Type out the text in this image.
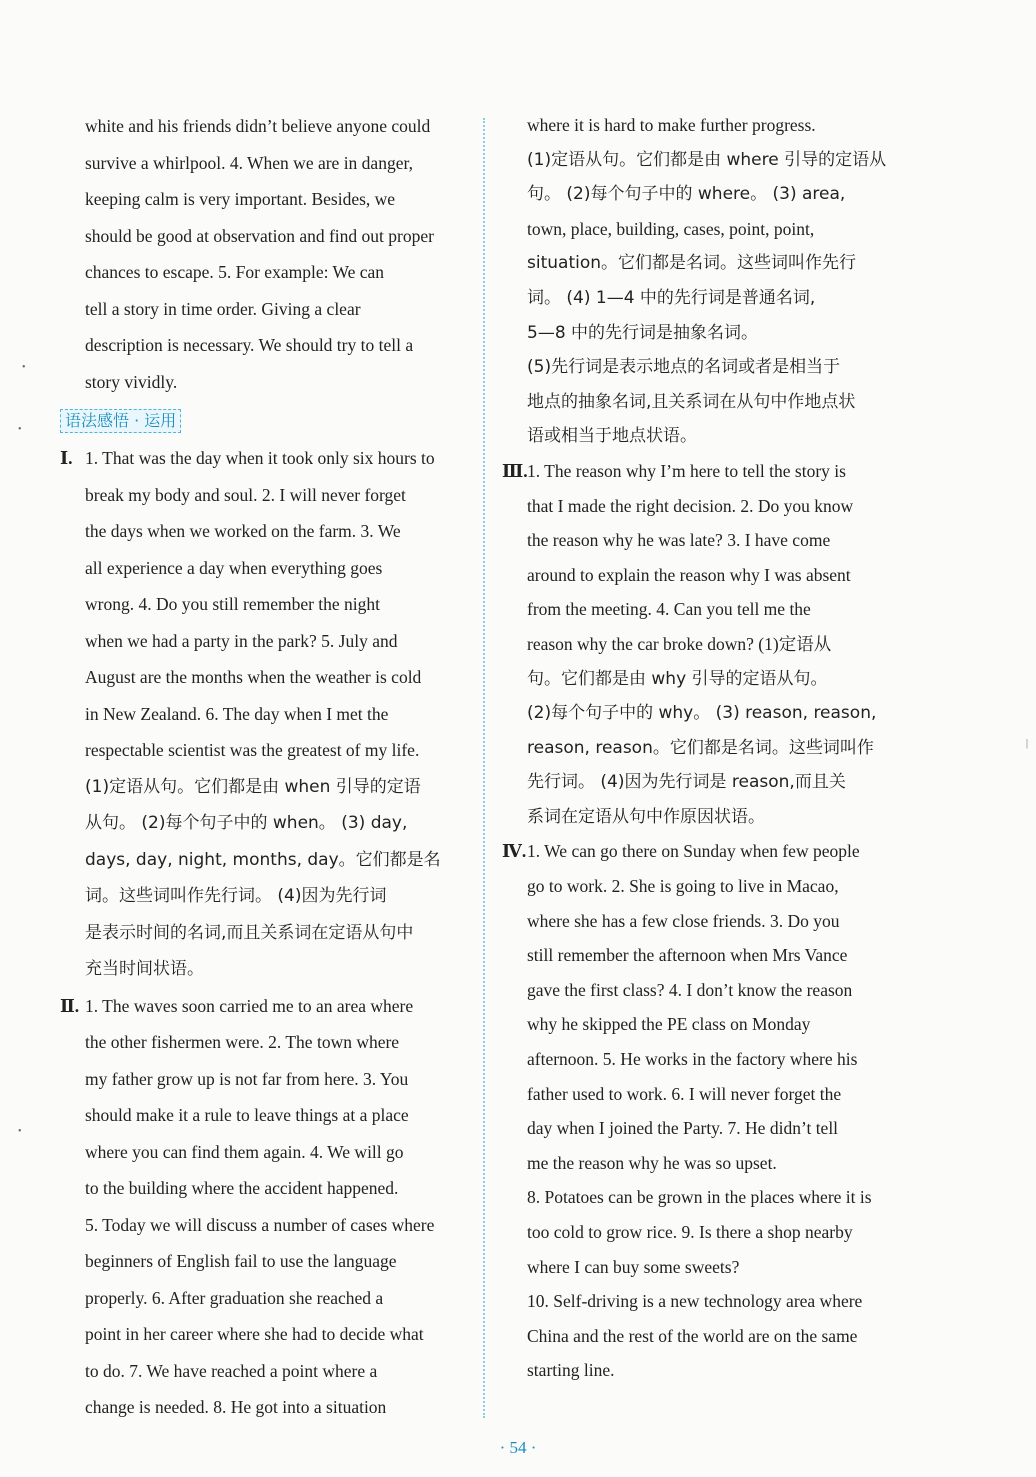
white and his friends didn’t believe anyone could
survive a whirlpool. 4. When we are in danger,
keeping calm is very important. Besides, we
should be good at observation and find out proper
chances to escape. 5. For example: We can
tell a story in time order. Giving a clear
description is necessary. We should try to tell a
story vividly.
语法感悟 · 运用
Ⅰ. 1. That was the day when it took only six hours to
break my body and soul. 2. I will never forget
the days when we worked on the farm. 3. We
all experience a day when everything goes
wrong. 4. Do you still remember the night
when we had a party in the park? 5. July and
August are the months when the weather is cold
in New Zealand. 6. The day when I met the
respectable scientist was the greatest of my life.
(1)定语从句。它们都是由 when 引导的定语
从句。 (2)每个句子中的 when。 (3) day,
days, day, night, months, day。它们都是名
词。这些词叫作先行词。 (4)因为先行词
是表示时间的名词,而且关系词在定语从句中
充当时间状语。
Ⅱ. 1. The waves soon carried me to an area where
the other fishermen were. 2. The town where
my father grow up is not far from here. 3. You
should make it a rule to leave things at a place
where you can find them again. 4. We will go
to the building where the accident happened.
5. Today we will discuss a number of cases where
beginners of English fail to use the language
properly. 6. After graduation she reached a
point in her career where she had to decide what
to do. 7. We have reached a point where a
change is needed. 8. He got into a situation
where it is hard to make further progress.
(1)定语从句。它们都是由 where 引导的定语从
句。 (2)每个句子中的 where。 (3) area,
town, place, building, cases, point, point,
situation。它们都是名词。这些词叫作先行
词。 (4) 1—4 中的先行词是普通名词,
5—8 中的先行词是抽象名词。
(5)先行词是表示地点的名词或者是相当于
地点的抽象名词,且关系词在从句中作地点状
语或相当于地点状语。
Ⅲ.1. The reason why I’m here to tell the story is
that I made the right decision. 2. Do you know
the reason why he was late? 3. I have come
around to explain the reason why I was absent
from the meeting. 4. Can you tell me the
reason why the car broke down? (1)定语从
句。它们都是由 why 引导的定语从句。
(2)每个句子中的 why。 (3) reason, reason,
reason, reason。它们都是名词。这些词叫作
先行词。 (4)因为先行词是 reason,而且关
系词在定语从句中作原因状语。
Ⅳ.1. We can go there on Sunday when few people
go to work. 2. She is going to live in Macao,
where she has a few close friends. 3. Do you
still remember the afternoon when Mrs Vance
gave the first class? 4. I don’t know the reason
why he skipped the PE class on Monday
afternoon. 5. He works in the factory where his
father used to work. 6. I will never forget the
day when I joined the Party. 7. He didn’t tell
me the reason why he was so upset.
8. Potatoes can be grown in the places where it is
too cold to grow rice. 9. Is there a shop nearby
where I can buy some sweets?
10. Self-driving is a new technology area where
China and the rest of the world are on the same
starting line.
· 54 ·
•
•
•
|
